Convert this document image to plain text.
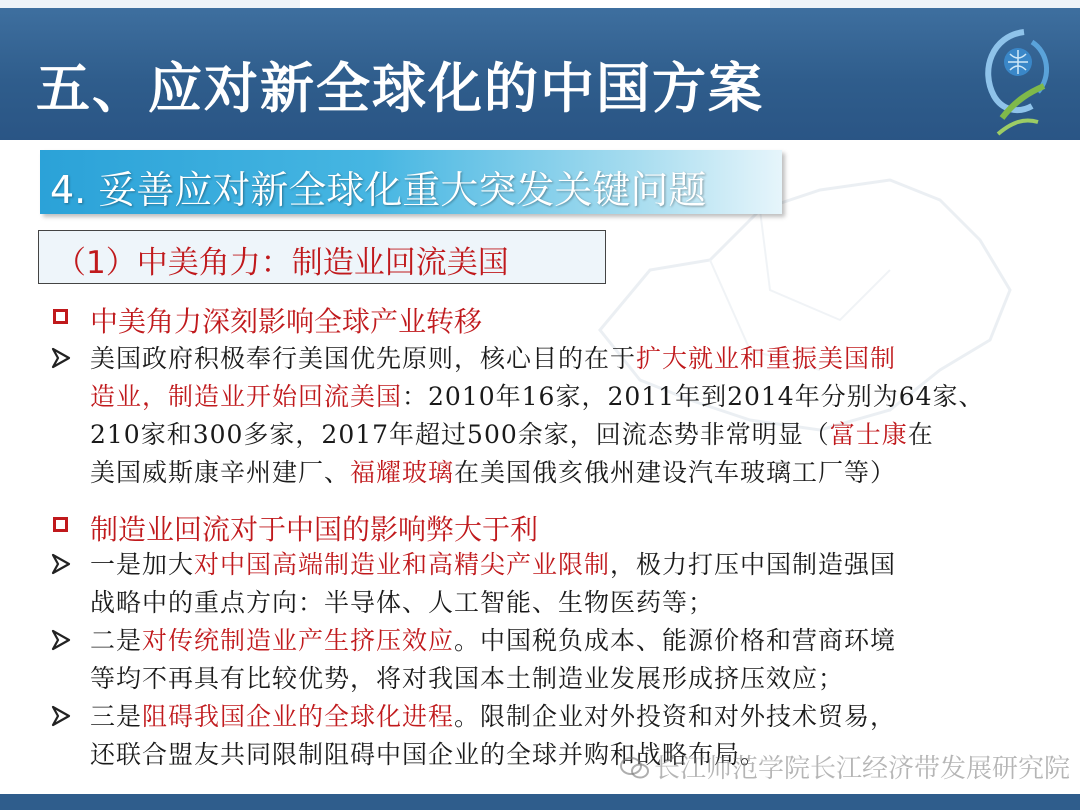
五、应对新全球化的中国方案
4. 妥善应对新全球化重大突发关键问题
（1）中美角力：制造业回流美国
中美角力深刻影响全球产业转移
美国政府积极奉行美国优先原则，核心目的在于扩大就业和重振美国制
造业，制造业开始回流美国：2010年16家，2011年到2014年分别为64家、
210家和300多家，2017年超过500余家，回流态势非常明显（富士康在
美国威斯康辛州建厂、福耀玻璃在美国俄亥俄州建设汽车玻璃工厂等）
制造业回流对于中国的影响弊大于利
一是加大对中国高端制造业和高精尖产业限制，极力打压中国制造强国
战略中的重点方向：半导体、人工智能、生物医药等；
二是对传统制造业产生挤压效应。中国税负成本、能源价格和营商环境
等均不再具有比较优势，将对我国本土制造业发展形成挤压效应；
三是阻碍我国企业的全球化进程。限制企业对外投资和对外技术贸易，
还联合盟友共同限制阻碍中国企业的全球并购和战略布局。
长江师范学院长江经济带发展研究院
